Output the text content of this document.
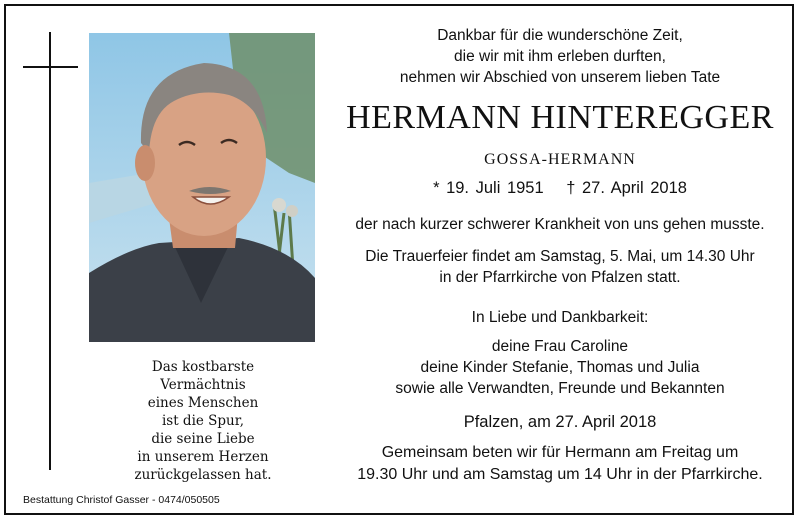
Das kostbarste
Vermächtnis
eines Menschen
ist die Spur,
die seine Liebe
in unserem Herzen
zurückgelassen hat.
Dankbar für die wunderschöne Zeit,
die wir mit ihm erleben durften,
nehmen wir Abschied von unserem lieben Tate
HERMANN HINTEREGGER
GOSSA-HERMANN
* 19. Juli 1951 † 27. April 2018
der nach kurzer schwerer Krankheit von uns gehen musste.
Die Trauerfeier findet am Samstag, 5. Mai, um 14.30 Uhr
in der Pfarrkirche von Pfalzen statt.
In Liebe und Dankbarkeit:
deine Frau Caroline
deine Kinder Stefanie, Thomas und Julia
sowie alle Verwandten, Freunde und Bekannten
Pfalzen, am 27. April 2018
Gemeinsam beten wir für Hermann am Freitag um
19.30 Uhr und am Samstag um 14 Uhr in der Pfarrkirche.
Bestattung Christof Gasser - 0474/050505
